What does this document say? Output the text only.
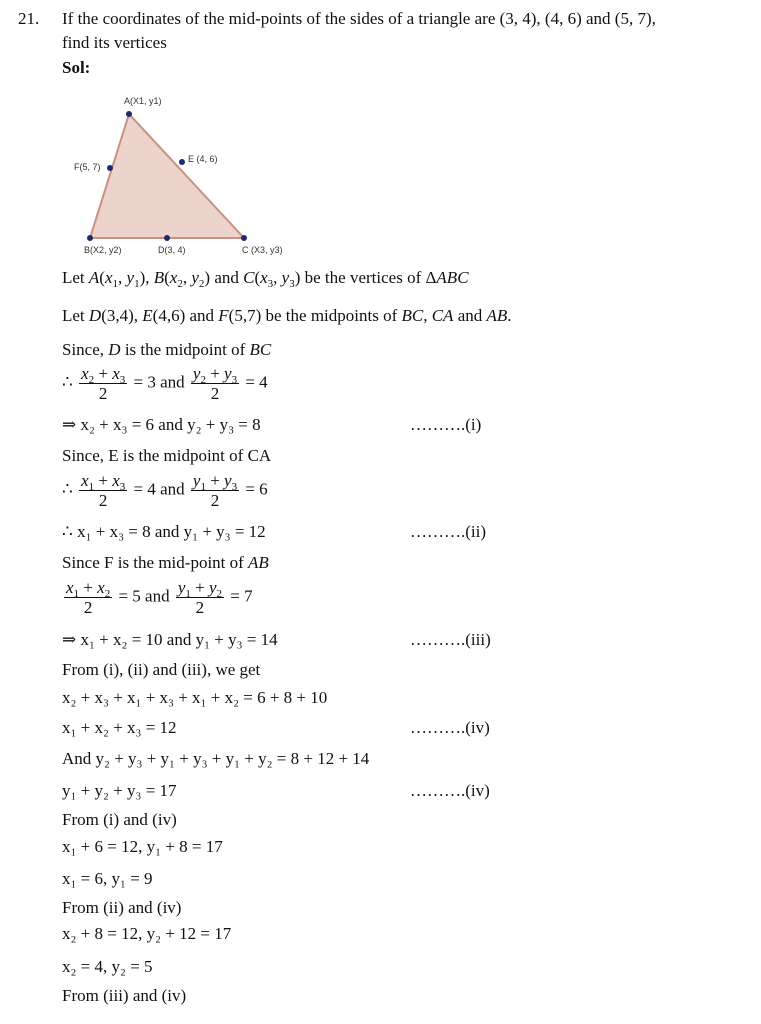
21. If the coordinates of the mid-points of the sides of a triangle are (3, 4), (4, 6) and (5, 7),
find its vertices
Sol:
A(X1, y1)
B(X2, y2)	C (X3, y3)
D(3, 4)
E (4, 6)
F(5, 7)
Let $A(x_1$, $y_1$), $B(x_2$, $y_2$) and $C(x_3$, $y_3$) be the vertices of ΔABC
Let D(3,4), E(4,6) and F(5,7) be the midpoints of BC, CA and AB.
Since, D is the midpoint of BC
∴ $\frac{x_2 + x_3}{2} = 3$ and $\frac{y_2 + y_3}{2} = 4$
⇒ x₂ + x₃ = 6 and y₂ + y₃ = 8	……….(i)
Since, E is the midpoint of CA
∴ $\frac{x_1 + x_3}{2} = 4$ and $\frac{y_1 + y_3}{2} = 6$
∴ x₁ + x₃ = 8 and y₁ + y₃ = 12	……….(ii)
Since F is the mid-point of AB
$\frac{x_1 + x_2}{2} = 5$ and $\frac{y_1 + y_2}{2} = 7$
⇒ x₁ + x₂ = 10 and y₁ + y₃ = 14	……….(iii)
From (i), (ii) and (iii), we get
x₂ + x₃ + x₁ + x₃ + x₁ + x₂ = 6 + 8 + 10
x₁ + x₂ + x₃ = 12	……….(iv)
And y₂ + y₃ + y₁ + y₃ + y₁ + y₂ = 8 + 12 + 14
y₁ + y₂ + y₃ = 17	……….(iv)
From (i) and (iv)
x₁ + 6 = 12, y₁ + 8 = 17
x₁ = 6, y₁ = 9
From (ii) and (iv)
x₂ + 8 = 12, y₂ + 12 = 17
x₂ = 4, y₂ = 5
From (iii) and (iv)
